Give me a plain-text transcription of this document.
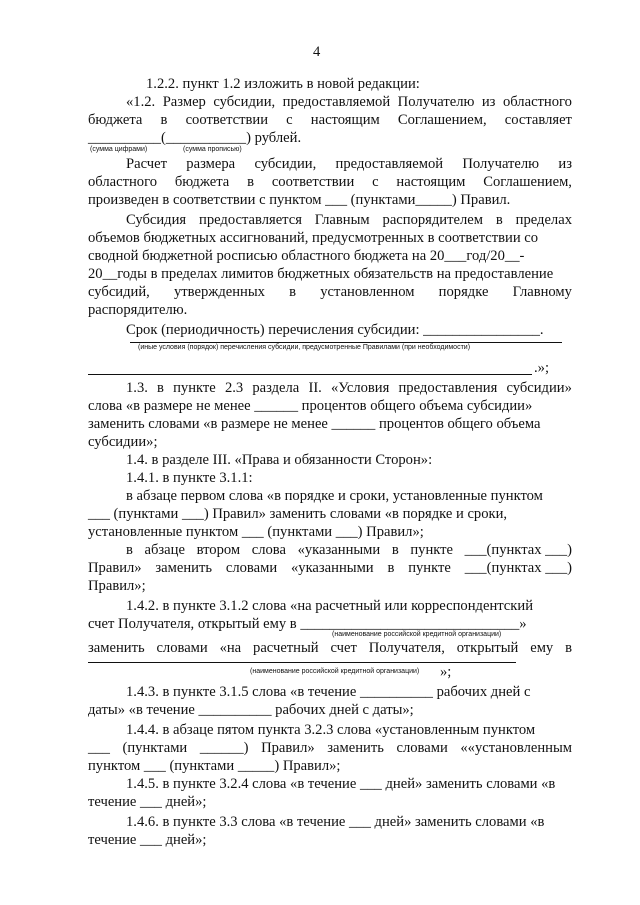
4
1.2.2. пункт 1.2 изложить в новой редакции:
«1.2. Размер субсидии, предоставляемой Получателю из областного
бюджета в соответствии с настоящим Соглашением, составляет
__________(___________) рублей.
(сумма цифрами)	(сумма прописью)
Расчет размера субсидии, предоставляемой Получателю из
областного бюджета в соответствии с настоящим Соглашением,
произведен в соответствии с пунктом ___ (пунктами_____) Правил.
Субсидия предоставляется Главным распорядителем в пределах
объемов бюджетных ассигнований, предусмотренных в соответствии со
сводной бюджетной росписью областного бюджета на 20___год/20__-
20__годы в пределах лимитов бюджетных обязательств на предоставление
субсидий, утвержденных в установленном порядке Главному
распорядителю.
Срок (периодичность) перечисления субсидии: ________________.
(иные условия (порядок) перечисления субсидии, предусмотренные Правилами (при необходимости)
.»;
1.3. в пункте 2.3 раздела II. «Условия предоставления субсидии»
слова «в размере не менее ______ процентов общего объема субсидии»
заменить словами «в размере не менее ______ процентов общего объема
субсидии»;
1.4. в разделе III. «Права и обязанности Сторон»:
1.4.1. в пункте 3.1.1:
в абзаце первом слова «в порядке и сроки, установленные пунктом
___ (пунктами ___) Правил» заменить словами «в порядке и сроки,
установленные пунктом ___ (пунктами ___) Правил»;
в абзаце втором слова «указанными в пункте ___(пунктах ___)
Правил» заменить словами «указанными в пункте ___(пунктах ___)
Правил»;
1.4.2. в пункте 3.1.2 слова «на расчетный или корреспондентский
счет Получателя, открытый ему в ______________________________»
(наименование российской кредитной организации)
заменить словами «на расчетный счет Получателя, открытый ему в
(наименование российской кредитной организации) »;
1.4.3. в пункте 3.1.5 слова «в течение __________ рабочих дней с
даты» «в течение __________ рабочих дней с даты»;
1.4.4. в абзаце пятом пункта 3.2.3 слова «установленным пунктом
___ (пунктами ______) Правил» заменить словами ««установленным
пунктом ___ (пунктами _____) Правил»;
1.4.5. в пункте 3.2.4 слова «в течение ___ дней» заменить словами «в
течение ___ дней»;
1.4.6. в пункте 3.3 слова «в течение ___ дней» заменить словами «в
течение ___ дней»;
